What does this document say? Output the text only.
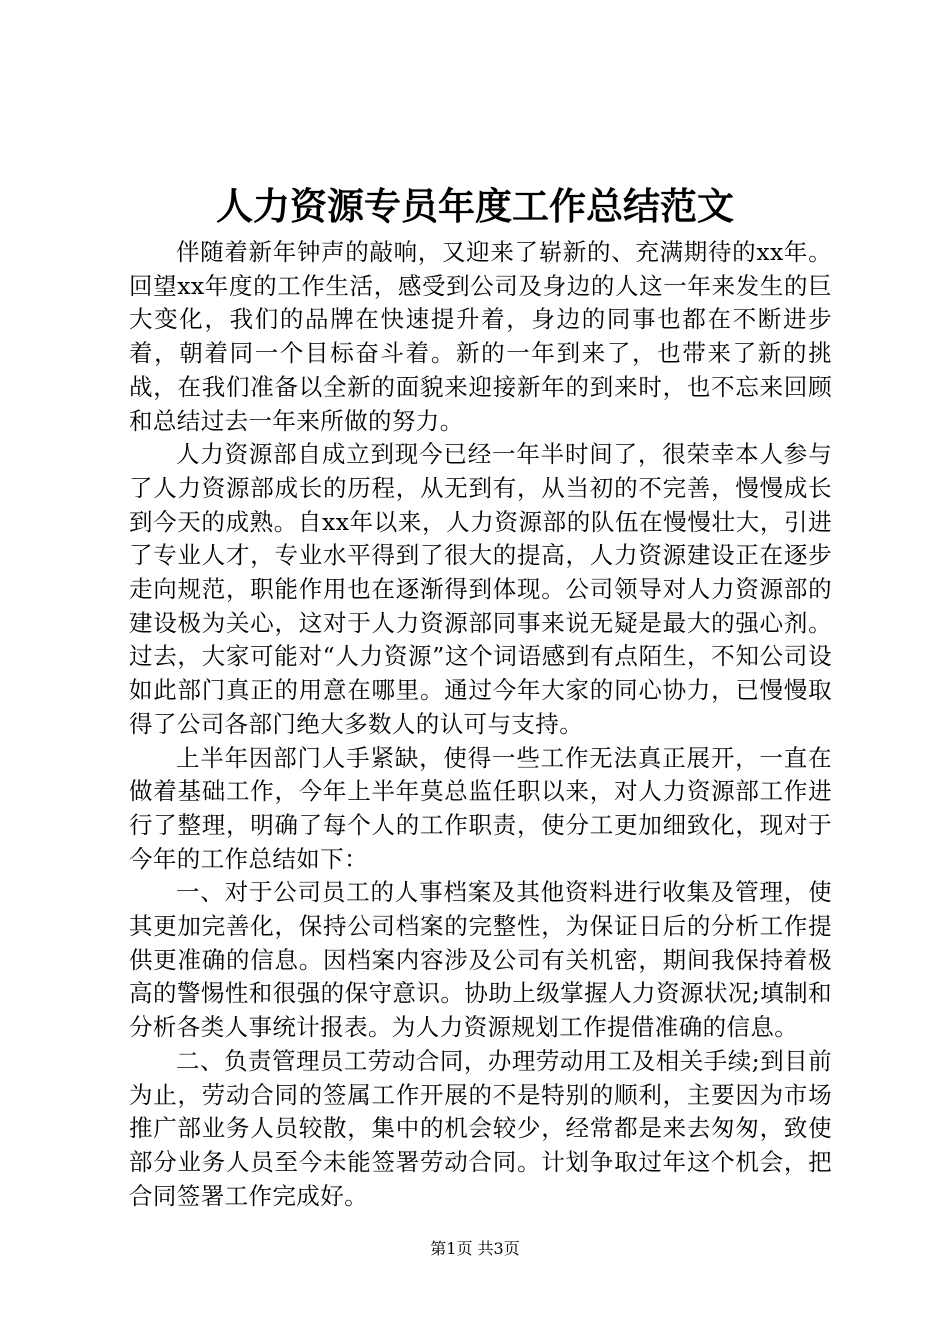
人力资源专员年度工作总结范文

伴随着新年钟声的敲响，又迎来了崭新的、充满期待的xx年。回望xx年度的工作生活，感受到公司及身边的人这一年来发生的巨大变化，我们的品牌在快速提升着，身边的同事也都在不断进步着，朝着同一个目标奋斗着。新的一年到来了，也带来了新的挑战，在我们准备以全新的面貌来迎接新年的到来时，也不忘来回顾和总结过去一年来所做的努力。

人力资源部自成立到现今已经一年半时间了，很荣幸本人参与了人力资源部成长的历程，从无到有，从当初的不完善，慢慢成长到今天的成熟。自xx年以来，人力资源部的队伍在慢慢壮大，引进了专业人才，专业水平得到了很大的提高，人力资源建设正在逐步走向规范，职能作用也在逐渐得到体现。公司领导对人力资源部的建设极为关心，这对于人力资源部同事来说无疑是最大的强心剂。过去，大家可能对“人力资源”这个词语感到有点陌生，不知公司设如此部门真正的用意在哪里。通过今年大家的同心协力，已慢慢取得了公司各部门绝大多数人的认可与支持。

上半年因部门人手紧缺，使得一些工作无法真正展开，一直在做着基础工作，今年上半年莫总监任职以来，对人力资源部工作进行了整理，明确了每个人的工作职责，使分工更加细致化，现对于今年的工作总结如下：

一、对于公司员工的人事档案及其他资料进行收集及管理，使其更加完善化，保持公司档案的完整性，为保证日后的分析工作提供更准确的信息。因档案内容涉及公司有关机密，期间我保持着极高的警惕性和很强的保守意识。协助上级掌握人力资源状况;填制和分析各类人事统计报表。为人力资源规划工作提借准确的信息。

二、负责管理员工劳动合同，办理劳动用工及相关手续;到目前为止，劳动合同的签属工作开展的不是特别的顺利，主要因为市场推广部业务人员较散，集中的机会较少，经常都是来去匆匆，致使部分业务人员至今未能签署劳动合同。计划争取过年这个机会，把合同签署工作完成好。

第1页 共3页
